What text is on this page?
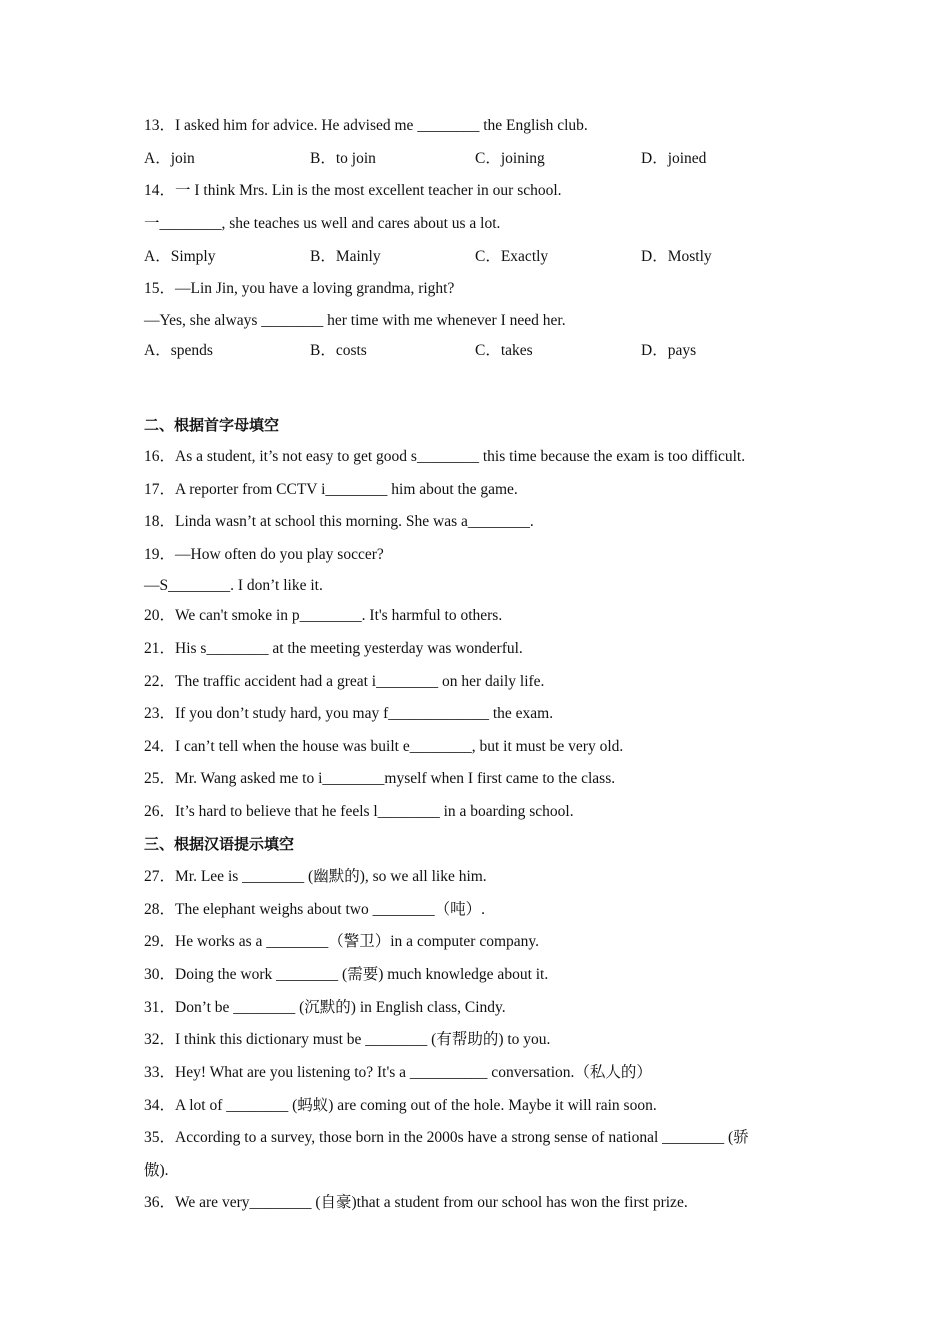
13．I asked him for advice. He advised me ________ the English club.
A．join	B．to join	C．joining	D．joined
14．一 I think Mrs. Lin is the most excellent teacher in our school.
一________, she teaches us well and cares about us a lot.
A．Simply	B．Mainly	C．Exactly	D．Mostly
15．—Lin Jin, you have a loving grandma, right?
—Yes, she always ________ her time with me whenever I need her.
A．spends	B．costs	C．takes	D．pays
二、根据首字母填空
16．As a student, it’s not easy to get good s________ this time because the exam is too difficult.
17．A reporter from CCTV i________ him about the game.
18．Linda wasn’t at school this morning. She was a________.
19．—How often do you play soccer?
—S________. I don’t like it.
20．We can't smoke in p________. It's harmful to others.
21．His s________ at the meeting yesterday was wonderful.
22．The traffic accident had a great i________ on her daily life.
23．If you don’t study hard, you may f_____________ the exam.
24．I can’t tell when the house was built e________, but it must be very old.
25．Mr. Wang asked me to i________myself when I first came to the class.
26．It’s hard to believe that he feels l________ in a boarding school.
三、根据汉语提示填空
27．Mr. Lee is ________ (幽默的), so we all like him.
28．The elephant weighs about two ________（吨）.
29．He works as a ________（警卫）in a computer company.
30．Doing the work ________ (需要) much knowledge about it.
31．Don’t be ________ (沉默的) in English class, Cindy.
32．I think this dictionary must be ________ (有帮助的) to you.
33．Hey! What are you listening to? It's a __________ conversation.（私人的）
34．A lot of ________ (蚂蚁) are coming out of the hole. Maybe it will rain soon.
35．According to a survey, those born in the 2000s have a strong sense of national ________ (骄
傲).
36．We are very________ (自豪)that a student from our school has won the first prize.
